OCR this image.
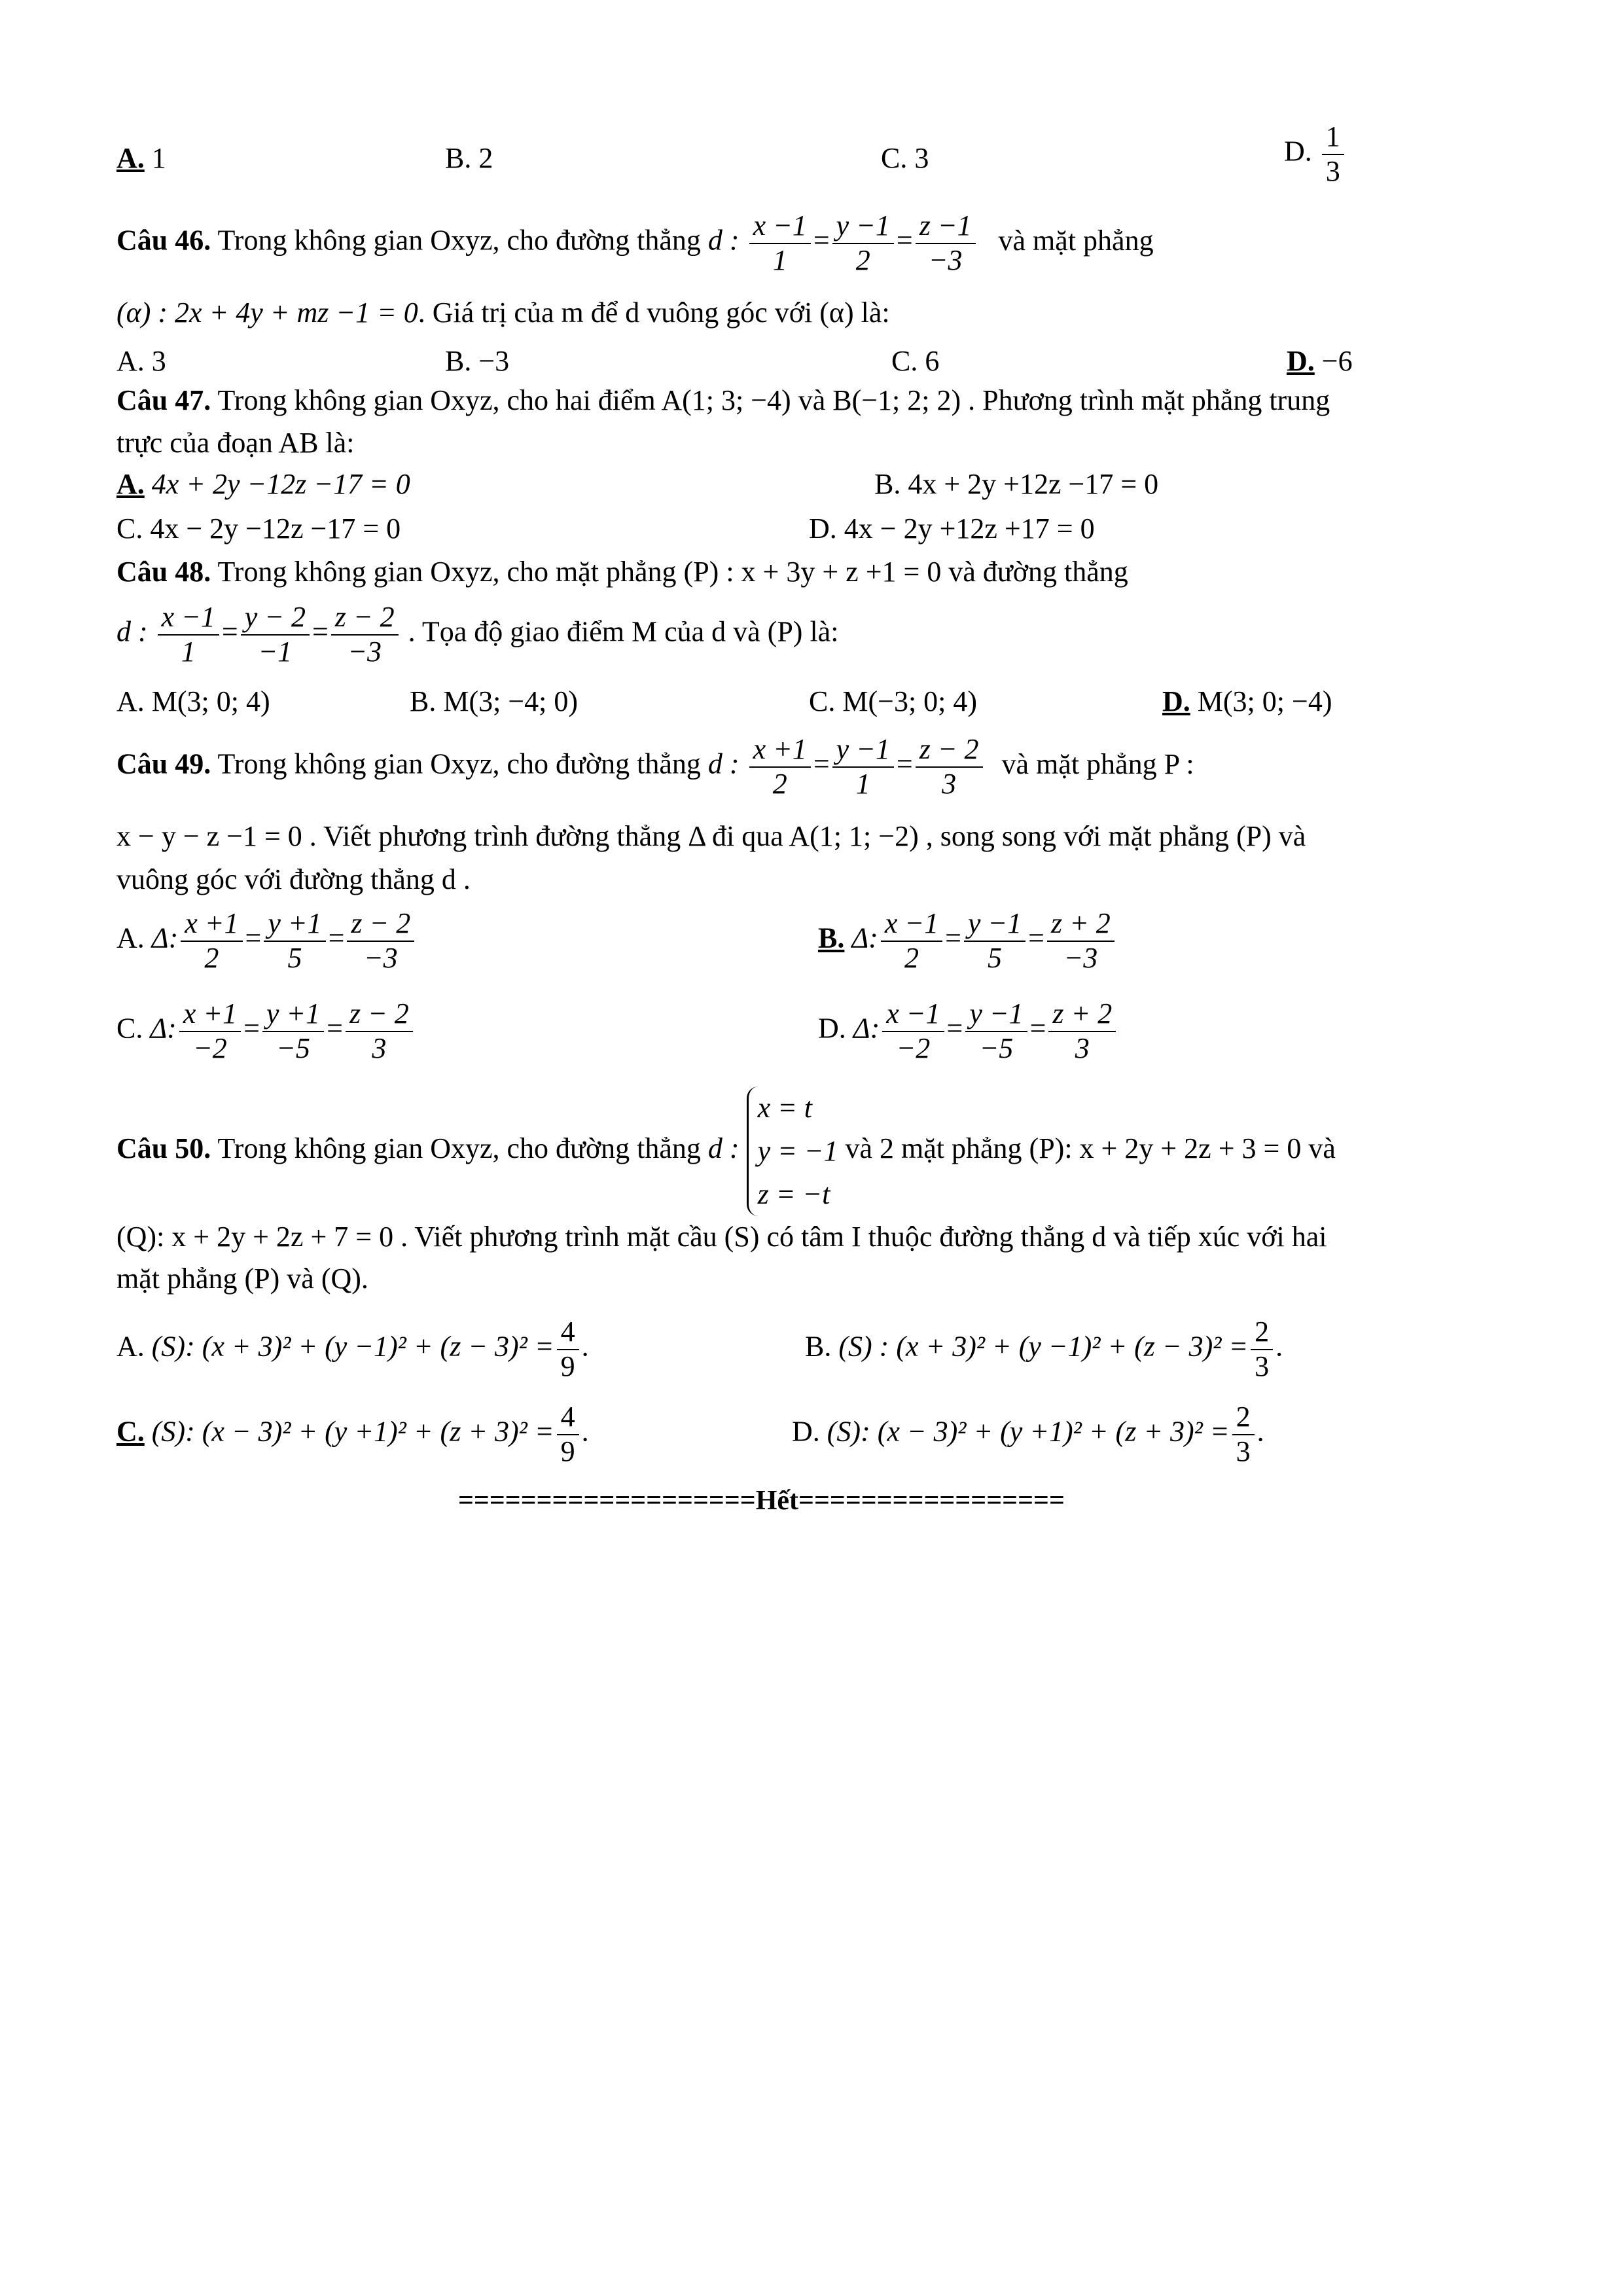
A. 1	B. 2	C. 3	D. $\frac{1}{3}$
Câu 46. Trong không gian Oxyz, cho đường thẳng d : $\frac{x -1}{1} = \frac{y -1}{2} = \frac{z -1}{-3}$ và mặt phẳng
(α) : 2x + 4y + mz −1 = 0. Giá trị của m để d vuông góc với (α) là:
A. 3	B. −3	C. 6	D. −6
Câu 47. Trong không gian Oxyz, cho hai điểm A(1; 3; −4) và B(−1; 2; 2) . Phương trình mặt phẳng trung
trực của đoạn AB là:
A. 4x + 2y −12z −17 = 0	B. 4x + 2y +12z −17 = 0
C. 4x − 2y −12z −17 = 0	D. 4x − 2y +12z +17 = 0
Câu 48. Trong không gian Oxyz, cho mặt phẳng (P) : x + 3y + z +1 = 0 và đường thẳng
d : $\frac{x -1}{1} = \frac{y - 2}{-1} = \frac{z - 2}{-3}$ . Tọa độ giao điểm M của d và (P) là:
A. M(3; 0; 4)	B. M(3; −4; 0)	C. M(−3; 0; 4)	D. M(3; 0; −4)
Câu 49. Trong không gian Oxyz, cho đường thẳng d : $\frac{x +1}{2} = \frac{y -1}{1} = \frac{z - 2}{3}$ và mặt phẳng P :
x − y − z −1 = 0 . Viết phương trình đường thẳng Δ đi qua A(1; 1; −2) , song song với mặt phẳng (P) và
vuông góc với đường thẳng d .
A. Δ: $\frac{x +1}{2} = \frac{y +1}{5} = \frac{z - 2}{-3}$	B. Δ: $\frac{x -1}{2} = \frac{y -1}{5} = \frac{z + 2}{-3}$
C. Δ: $\frac{x +1}{-2} = \frac{y +1}{-5} = \frac{z - 2}{3}$	D. Δ: $\frac{x -1}{-2} = \frac{y -1}{-5} = \frac{z + 2}{3}$
Câu 50. Trong không gian Oxyz, cho đường thẳng d :
x = t
y = −1
z = −t
và 2 mặt phẳng (P): x + 2y + 2z + 3 = 0 và
(Q): x + 2y + 2z + 7 = 0 . Viết phương trình mặt cầu (S) có tâm I thuộc đường thẳng d và tiếp xúc với hai
mặt phẳng (P) và (Q).
A. (S): $(x + 3)^2 + (y -1)^2 + (z - 3)^2 = \frac{4}{9}$ .	B. (S) : $(x + 3)^2 + (y -1)^2 + (z - 3)^2 = \frac{2}{3}$ .
C. (S): $(x - 3)^2 + (y +1)^2 + (z + 3)^2 = \frac{4}{9}$ .	D. (S): $(x - 3)^2 + (y +1)^2 + (z + 3)^2 = \frac{2}{3}$ .
===================Hết=================
